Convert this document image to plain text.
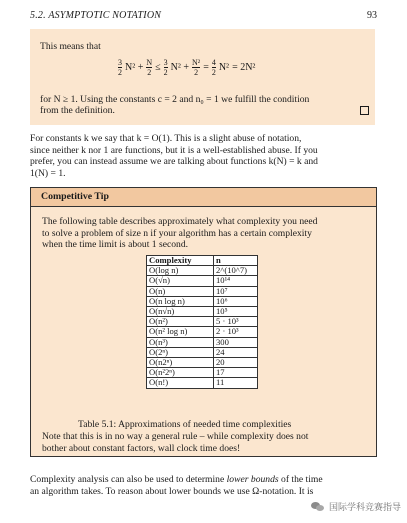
5.2. ASYMPTOTIC NOTATION	93
This means that
$\frac{3}{2} N^2 + \frac{N}{2} \le \frac{3}{2} N^2 + \frac{\text{N²}}{2} = \frac{4}{2} N^2 = 2N^2$
for N ≥ 1. Using the constants c = 2 and n₀ = 1 we fulfill the condition
from the definition.
For constants k we say that k = O(1). This is a slight abuse of notation,
since neither k nor 1 are functions, but it is a well-established abuse. If you
prefer, you can instead assume we are talking about functions k(N) = k and
1(N) = 1.
Competitive Tip
The following table describes approximately what complexity you need
to solve a problem of size n if your algorithm has a certain complexity
when the time limit is about 1 second.
Complexity	n
O(log n)	2^(10^7)
O(√n)	10¹⁴
O(n)	10⁷
O(n log n)	10⁶
O(n√n)	10⁵
O(n²)	5 · 10³
O(n² log n)	2 · 10³
O(n³)	300
O(2ⁿ)	24
O(n2ⁿ)	20
O(n²2ⁿ)	17
O(n!)	11
Table 5.1: Approximations of needed time complexities
Note that this is in no way a general rule – while complexity does not
bother about constant factors, wall clock time does!
Complexity analysis can also be used to determine lower bounds of the time
an algorithm takes. To reason about lower bounds we use Ω-notation. It is
国际学科竞赛指导
